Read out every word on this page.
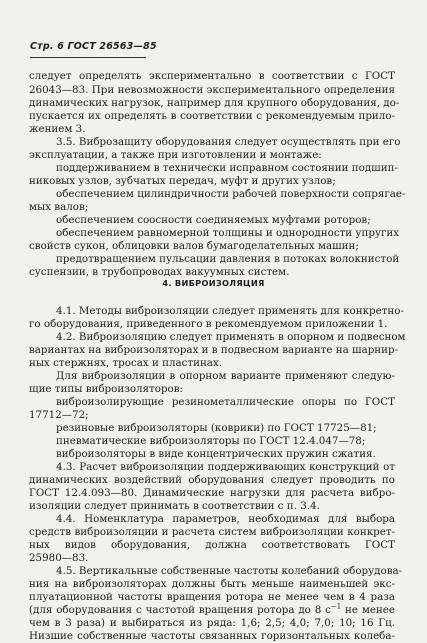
Стр. 6 ГОСТ 26563—85
следует определять экспериментально в соответствии с ГОСТ
26043—83. При невозможности экспериментального определения
динамических нагрузок, например для крупного оборудования, до-
пускается их определять в соответствии с рекомендуемым прило-
жением 3.
3.5. Виброзащиту оборудования следует осуществлять при его
эксплуатации, а также при изготовлении и монтаже:
поддерживанием в технически исправном состоянии подшип-
никовых узлов, зубчатых передач, муфт и других узлов;
обеспечением цилиндричности рабочей поверхности сопрягае-
мых валов;
обеспечением соосности соединяемых муфтами роторов;
обеспечением равномерной толщины и однородности упругих
свойств сукон, облицовки валов бумагоделательных машин;
предотвращением пульсации давления в потоках волокнистой
суспензии, в трубопроводах вакуумных систем.
4. ВИБРОИЗОЛЯЦИЯ
4.1. Методы виброизоляции следует применять для конкретно-
го оборудования, приведенного в рекомендуемом приложении 1.
4.2. Виброизоляцию следует применять в опорном и подвесном
вариантах на виброизоляторах и в подвесном варианте на шарнир-
ных стержнях, тросах и пластинах.
Для виброизоляции в опорном варианте применяют следую-
щие типы виброизоляторов:
виброизолирующие резинометаллические опоры по ГОСТ
17712—72;
резиновые виброизоляторы (коврики) по ГОСТ 17725—81;
пневматические виброизоляторы по ГОСТ 12.4.047—78;
виброизоляторы в виде концентрических пружин сжатия.
4.3. Расчет виброизоляции поддерживающих конструкций от
динамических воздействий оборудования следует проводить по
ГОСТ 12.4.093—80. Динамические нагрузки для расчета вибро-
изоляции следует принимать в соответствии с п. 3.4.
4.4. Номенклатура параметров, необходимая для выбора
средств виброизоляции и расчета систем виброизоляции конкрет-
ных видов оборудования, должна соответствовать ГОСТ
25980—83.
4.5. Вертикальные собственные частоты колебаний оборудова-
ния на виброизоляторах должны быть меньше наименьшей экс-
плуатационной частоты вращения ротора не менее чем в 4 раза
(для оборудования с частотой вращения ротора до 8 $с^{-1}$ не менее
чем в 3 раза) и выбираться из ряда: 1,6; 2,5; 4,0; 7,0; 10; 16 Гц.
Низшие собственные частоты связанных горизонтальных колеба-
